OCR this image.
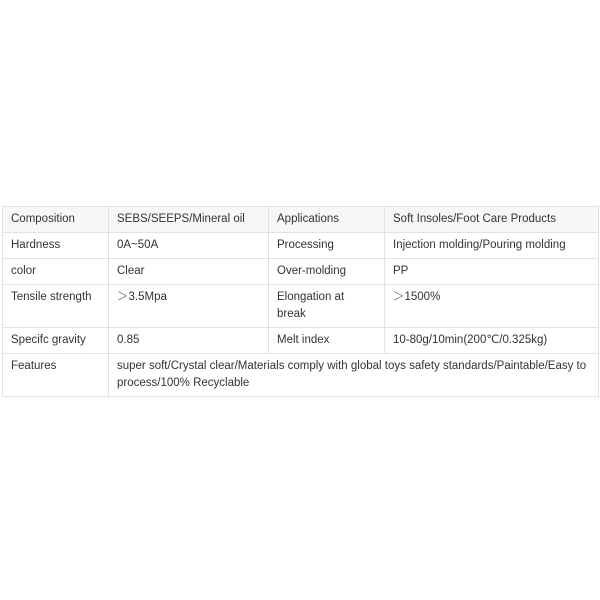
Composition	SEBS/SEEPS/Mineral oil	Applications	Soft Insoles/Foot Care Products
Hardness	0A~50A	Processing	Injection molding/Pouring molding
color	Clear	Over-molding	PP
Tensile strength	＞3.5Mpa	Elongation at break	＞1500%
Specifc gravity	0.85	Melt index	10-80g/10min(200℃/0.325kg)
Features	super soft/Crystal clear/Materials comply with global toys safety standards/Paintable/Easy to process/100% Recyclable		
